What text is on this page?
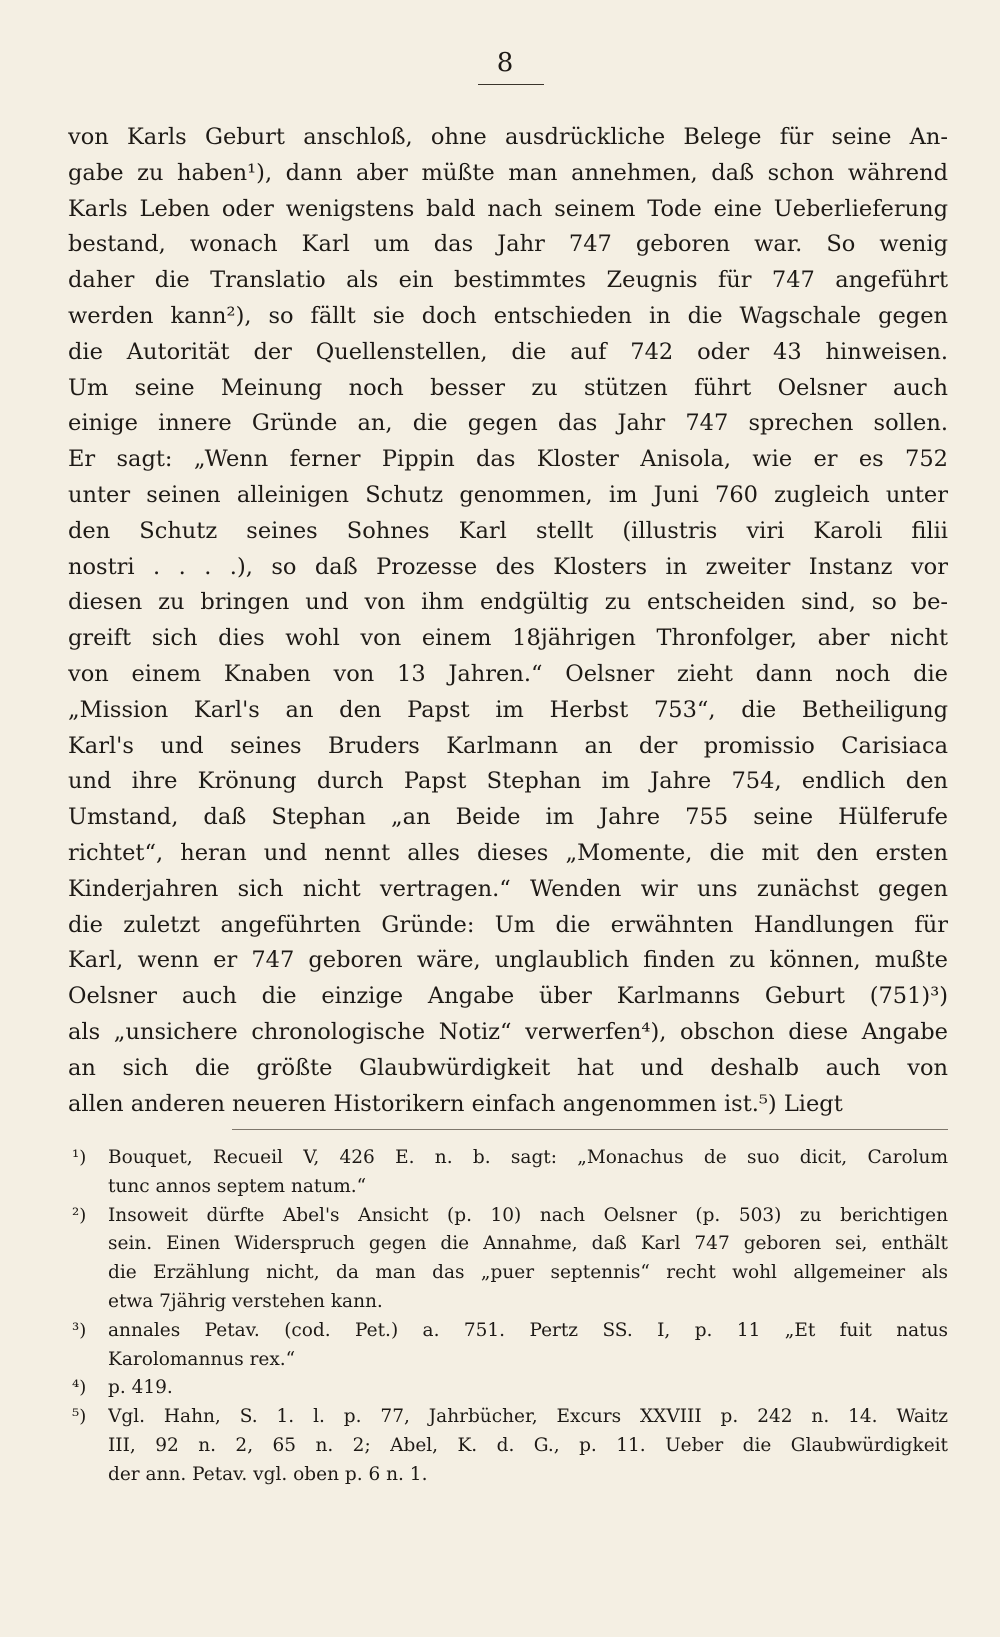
8
von Karls Geburt anschloß, ohne ausdrückliche Belege für seine An-
gabe zu haben¹), dann aber müßte man annehmen, daß schon während
Karls Leben oder wenigstens bald nach seinem Tode eine Ueberlieferung
bestand, wonach Karl um das Jahr 747 geboren war. So wenig
daher die Translatio als ein bestimmtes Zeugnis für 747 angeführt
werden kann²), so fällt sie doch entschieden in die Wagschale gegen
die Autorität der Quellenstellen, die auf 742 oder 43 hinweisen.
Um seine Meinung noch besser zu stützen führt Oelsner auch
einige innere Gründe an, die gegen das Jahr 747 sprechen sollen.
Er sagt: „Wenn ferner Pippin das Kloster Anisola, wie er es 752
unter seinen alleinigen Schutz genommen, im Juni 760 zugleich unter
den Schutz seines Sohnes Karl stellt (illustris viri Karoli filii
nostri . . . .), so daß Prozesse des Klosters in zweiter Instanz vor
diesen zu bringen und von ihm endgültig zu entscheiden sind, so be-
greift sich dies wohl von einem 18jährigen Thronfolger, aber nicht
von einem Knaben von 13 Jahren.“ Oelsner zieht dann noch die
„Mission Karl's an den Papst im Herbst 753“, die Betheiligung
Karl's und seines Bruders Karlmann an der promissio Carisiaca
und ihre Krönung durch Papst Stephan im Jahre 754, endlich den
Umstand, daß Stephan „an Beide im Jahre 755 seine Hülferufe
richtet“, heran und nennt alles dieses „Momente, die mit den ersten
Kinderjahren sich nicht vertragen.“ Wenden wir uns zunächst gegen
die zuletzt angeführten Gründe: Um die erwähnten Handlungen für
Karl, wenn er 747 geboren wäre, unglaublich finden zu können, mußte
Oelsner auch die einzige Angabe über Karlmanns Geburt (751)³)
als „unsichere chronologische Notiz“ verwerfen⁴), obschon diese Angabe
an sich die größte Glaubwürdigkeit hat und deshalb auch von
allen anderen neueren Historikern einfach angenommen ist.⁵) Liegt
¹)	Bouquet, Recueil V, 426 E. n. b. sagt: „Monachus de suo dicit, Carolum
tunc annos septem natum.“
²)	Insoweit dürfte Abel's Ansicht (p. 10) nach Oelsner (p. 503) zu berichtigen
sein. Einen Widerspruch gegen die Annahme, daß Karl 747 geboren sei, enthält
die Erzählung nicht, da man das „puer septennis“ recht wohl allgemeiner als
etwa 7jährig verstehen kann.
³)	annales Petav. (cod. Pet.) a. 751. Pertz SS. I, p. 11 „Et fuit natus
Karolomannus rex.“
⁴)	p. 419.
⁵)	Vgl. Hahn, S. 1. l. p. 77, Jahrbücher, Excurs XXVIII p. 242 n. 14. Waitz
III, 92 n. 2, 65 n. 2; Abel, K. d. G., p. 11. Ueber die Glaubwürdigkeit
der ann. Petav. vgl. oben p. 6 n. 1.
